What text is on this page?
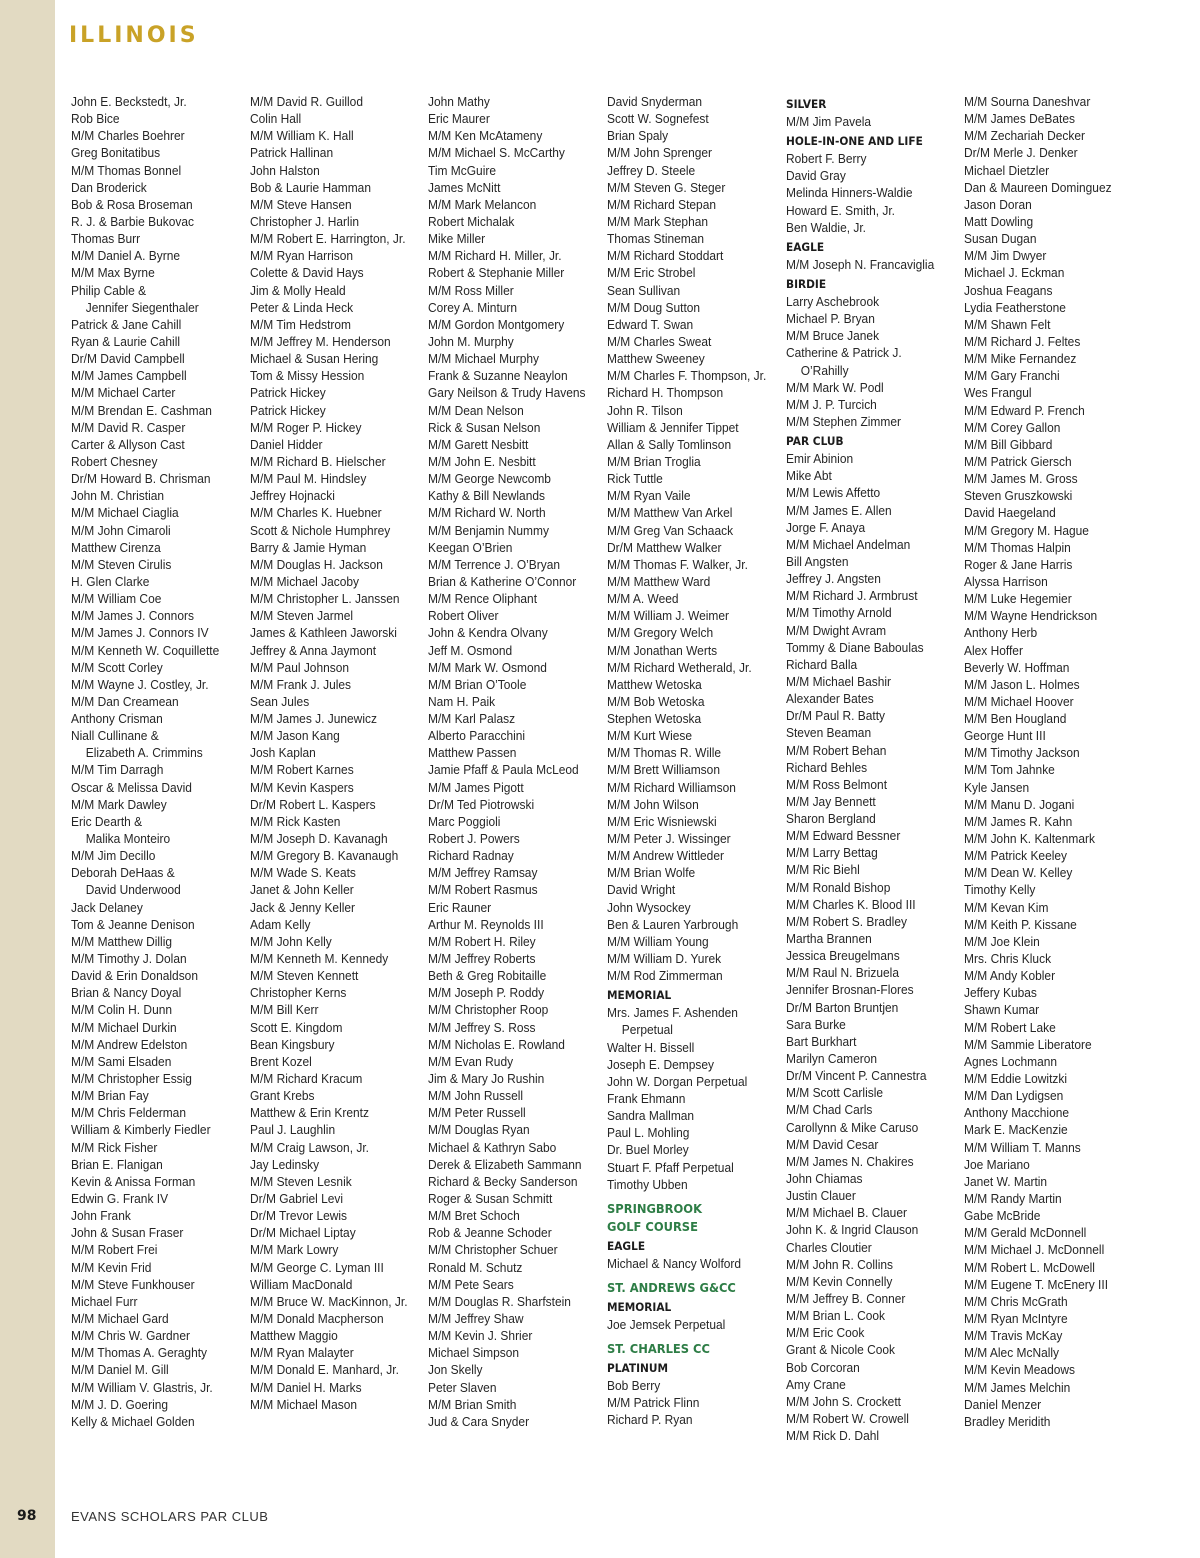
ILLINOIS
John E. Beckstedt, Jr.
Rob Bice
M/M Charles Boehrer
Greg Bonitatibus
M/M Thomas Bonnel
Dan Broderick
Bob & Rosa Broseman
R. J. & Barbie Bukovac
Thomas Burr
M/M Daniel A. Byrne
M/M Max Byrne
Philip Cable &
Jennifer Siegenthaler
Patrick & Jane Cahill
Ryan & Laurie Cahill
Dr/M David Campbell
M/M James Campbell
M/M Michael Carter
M/M Brendan E. Cashman
M/M David R. Casper
Carter & Allyson Cast
Robert Chesney
Dr/M Howard B. Chrisman
John M. Christian
M/M Michael Ciaglia
M/M John Cimaroli
Matthew Cirenza
M/M Steven Cirulis
H. Glen Clarke
M/M William Coe
M/M James J. Connors
M/M James J. Connors IV
M/M Kenneth W. Coquillette
M/M Scott Corley
M/M Wayne J. Costley, Jr.
M/M Dan Creamean
Anthony Crisman
Niall Cullinane &
Elizabeth A. Crimmins
M/M Tim Darragh
Oscar & Melissa David
M/M Mark Dawley
Eric Dearth &
Malika Monteiro
M/M Jim Decillo
Deborah DeHaas &
David Underwood
Jack Delaney
Tom & Jeanne Denison
M/M Matthew Dillig
M/M Timothy J. Dolan
David & Erin Donaldson
Brian & Nancy Doyal
M/M Colin H. Dunn
M/M Michael Durkin
M/M Andrew Edelston
M/M Sami Elsaden
M/M Christopher Essig
M/M Brian Fay
M/M Chris Felderman
William & Kimberly Fiedler
M/M Rick Fisher
Brian E. Flanigan
Kevin & Anissa Forman
Edwin G. Frank IV
John Frank
John & Susan Fraser
M/M Robert Frei
M/M Kevin Frid
M/M Steve Funkhouser
Michael Furr
M/M Michael Gard
M/M Chris W. Gardner
M/M Thomas A. Geraghty
M/M Daniel M. Gill
M/M William V. Glastris, Jr.
M/M J. D. Goering
Kelly & Michael Golden
M/M David R. Guillod
Colin Hall
M/M William K. Hall
Patrick Hallinan
John Halston
Bob & Laurie Hamman
M/M Steve Hansen
Christopher J. Harlin
M/M Robert E. Harrington, Jr.
M/M Ryan Harrison
Colette & David Hays
Jim & Molly Heald
Peter & Linda Heck
M/M Tim Hedstrom
M/M Jeffrey M. Henderson
Michael & Susan Hering
Tom & Missy Hession
Patrick Hickey
Patrick Hickey
M/M Roger P. Hickey
Daniel Hidder
M/M Richard B. Hielscher
M/M Paul M. Hindsley
Jeffrey Hojnacki
M/M Charles K. Huebner
Scott & Nichole Humphrey
Barry & Jamie Hyman
M/M Douglas H. Jackson
M/M Michael Jacoby
M/M Christopher L. Janssen
M/M Steven Jarmel
James & Kathleen Jaworski
Jeffrey & Anna Jaymont
M/M Paul Johnson
M/M Frank J. Jules
Sean Jules
M/M James J. Junewicz
M/M Jason Kang
Josh Kaplan
M/M Robert Karnes
M/M Kevin Kaspers
Dr/M Robert L. Kaspers
M/M Rick Kasten
M/M Joseph D. Kavanagh
M/M Gregory B. Kavanaugh
M/M Wade S. Keats
Janet & John Keller
Jack & Jenny Keller
Adam Kelly
M/M John Kelly
M/M Kenneth M. Kennedy
M/M Steven Kennett
Christopher Kerns
M/M Bill Kerr
Scott E. Kingdom
Bean Kingsbury
Brent Kozel
M/M Richard Kracum
Grant Krebs
Matthew & Erin Krentz
Paul J. Laughlin
M/M Craig Lawson, Jr.
Jay Ledinsky
M/M Steven Lesnik
Dr/M Gabriel Levi
Dr/M Trevor Lewis
Dr/M Michael Liptay
M/M Mark Lowry
M/M George C. Lyman III
William MacDonald
M/M Bruce W. MacKinnon, Jr.
M/M Donald Macpherson
Matthew Maggio
M/M Ryan Malayter
M/M Donald E. Manhard, Jr.
M/M Daniel H. Marks
M/M Michael Mason
John Mathy
Eric Maurer
M/M Ken McAtameny
M/M Michael S. McCarthy
Tim McGuire
James McNitt
M/M Mark Melancon
Robert Michalak
Mike Miller
M/M Richard H. Miller, Jr.
Robert & Stephanie Miller
M/M Ross Miller
Corey A. Minturn
M/M Gordon Montgomery
John M. Murphy
M/M Michael Murphy
Frank & Suzanne Neaylon
Gary Neilson & Trudy Havens
M/M Dean Nelson
Rick & Susan Nelson
M/M Garett Nesbitt
M/M John E. Nesbitt
M/M George Newcomb
Kathy & Bill Newlands
M/M Richard W. North
M/M Benjamin Nummy
Keegan O’Brien
M/M Terrence J. O’Bryan
Brian & Katherine O’Connor
M/M Rence Oliphant
Robert Oliver
John & Kendra Olvany
Jeff M. Osmond
M/M Mark W. Osmond
M/M Brian O’Toole
Nam H. Paik
M/M Karl Palasz
Alberto Paracchini
Matthew Passen
Jamie Pfaff & Paula McLeod
M/M James Pigott
Dr/M Ted Piotrowski
Marc Poggioli
Robert J. Powers
Richard Radnay
M/M Jeffrey Ramsay
M/M Robert Rasmus
Eric Rauner
Arthur M. Reynolds III
M/M Robert H. Riley
M/M Jeffrey Roberts
Beth & Greg Robitaille
M/M Joseph P. Roddy
M/M Christopher Roop
M/M Jeffrey S. Ross
M/M Nicholas E. Rowland
M/M Evan Rudy
Jim & Mary Jo Rushin
M/M John Russell
M/M Peter Russell
M/M Douglas Ryan
Michael & Kathryn Sabo
Derek & Elizabeth Sammann
Richard & Becky Sanderson
Roger & Susan Schmitt
M/M Bret Schoch
Rob & Jeanne Schoder
M/M Christopher Schuer
Ronald M. Schutz
M/M Pete Sears
M/M Douglas R. Sharfstein
M/M Jeffrey Shaw
M/M Kevin J. Shrier
Michael Simpson
Jon Skelly
Peter Slaven
M/M Brian Smith
Jud & Cara Snyder
David Snyderman
Scott W. Sognefest
Brian Spaly
M/M John Sprenger
Jeffrey D. Steele
M/M Steven G. Steger
M/M Richard Stepan
M/M Mark Stephan
Thomas Stineman
M/M Richard Stoddart
M/M Eric Strobel
Sean Sullivan
M/M Doug Sutton
Edward T. Swan
M/M Charles Sweat
Matthew Sweeney
M/M Charles F. Thompson, Jr.
Richard H. Thompson
John R. Tilson
William & Jennifer Tippet
Allan & Sally Tomlinson
M/M Brian Troglia
Rick Tuttle
M/M Ryan Vaile
M/M Matthew Van Arkel
M/M Greg Van Schaack
Dr/M Matthew Walker
M/M Thomas F. Walker, Jr.
M/M Matthew Ward
M/M A. Weed
M/M William J. Weimer
M/M Gregory Welch
M/M Jonathan Werts
M/M Richard Wetherald, Jr.
Matthew Wetoska
M/M Bob Wetoska
Stephen Wetoska
M/M Kurt Wiese
M/M Thomas R. Wille
M/M Brett Williamson
M/M Richard Williamson
M/M John Wilson
M/M Eric Wisniewski
M/M Peter J. Wissinger
M/M Andrew Wittleder
M/M Brian Wolfe
David Wright
John Wysockey
Ben & Lauren Yarbrough
M/M William Young
M/M William D. Yurek
M/M Rod Zimmerman
MEMORIAL
Mrs. James F. Ashenden
Perpetual
Walter H. Bissell
Joseph E. Dempsey
John W. Dorgan Perpetual
Frank Ehmann
Sandra Mallman
Paul L. Mohling
Dr. Buel Morley
Stuart F. Pfaff Perpetual
Timothy Ubben
SPRINGBROOK
GOLF COURSE
EAGLE
Michael & Nancy Wolford
ST. ANDREWS G&CC
MEMORIAL
Joe Jemsek Perpetual
ST. CHARLES CC
PLATINUM
Bob Berry
M/M Patrick Flinn
Richard P. Ryan
SILVER
M/M Jim Pavela
HOLE-IN-ONE AND LIFE
Robert F. Berry
David Gray
Melinda Hinners-Waldie
Howard E. Smith, Jr.
Ben Waldie, Jr.
EAGLE
M/M Joseph N. Francaviglia
BIRDIE
Larry Aschebrook
Michael P. Bryan
M/M Bruce Janek
Catherine & Patrick J.
O’Rahilly
M/M Mark W. Podl
M/M J. P. Turcich
M/M Stephen Zimmer
PAR CLUB
Emir Abinion
Mike Abt
M/M Lewis Affetto
M/M James E. Allen
Jorge F. Anaya
M/M Michael Andelman
Bill Angsten
Jeffrey J. Angsten
M/M Richard J. Armbrust
M/M Timothy Arnold
M/M Dwight Avram
Tommy & Diane Baboulas
Richard Balla
M/M Michael Bashir
Alexander Bates
Dr/M Paul R. Batty
Steven Beaman
M/M Robert Behan
Richard Behles
M/M Ross Belmont
M/M Jay Bennett
Sharon Bergland
M/M Edward Bessner
M/M Larry Bettag
M/M Ric Biehl
M/M Ronald Bishop
M/M Charles K. Blood III
M/M Robert S. Bradley
Martha Brannen
Jessica Breugelmans
M/M Raul N. Brizuela
Jennifer Brosnan-Flores
Dr/M Barton Bruntjen
Sara Burke
Bart Burkhart
Marilyn Cameron
Dr/M Vincent P. Cannestra
M/M Scott Carlisle
M/M Chad Carls
Carollynn & Mike Caruso
M/M David Cesar
M/M James N. Chakires
John Chiamas
Justin Clauer
M/M Michael B. Clauer
John K. & Ingrid Clauson
Charles Cloutier
M/M John R. Collins
M/M Kevin Connelly
M/M Jeffrey B. Conner
M/M Brian L. Cook
M/M Eric Cook
Grant & Nicole Cook
Bob Corcoran
Amy Crane
M/M John S. Crockett
M/M Robert W. Crowell
M/M Rick D. Dahl
M/M Sourna Daneshvar
M/M James DeBates
M/M Zechariah Decker
Dr/M Merle J. Denker
Michael Dietzler
Dan & Maureen Dominguez
Jason Doran
Matt Dowling
Susan Dugan
M/M Jim Dwyer
Michael J. Eckman
Joshua Feagans
Lydia Featherstone
M/M Shawn Felt
M/M Richard J. Feltes
M/M Mike Fernandez
M/M Gary Franchi
Wes Frangul
M/M Edward P. French
M/M Corey Gallon
M/M Bill Gibbard
M/M Patrick Giersch
M/M James M. Gross
Steven Gruszkowski
David Haegeland
M/M Gregory M. Hague
M/M Thomas Halpin
Roger & Jane Harris
Alyssa Harrison
M/M Luke Hegemier
M/M Wayne Hendrickson
Anthony Herb
Alex Hoffer
Beverly W. Hoffman
M/M Jason L. Holmes
M/M Michael Hoover
M/M Ben Hougland
George Hunt III
M/M Timothy Jackson
M/M Tom Jahnke
Kyle Jansen
M/M Manu D. Jogani
M/M James R. Kahn
M/M John K. Kaltenmark
M/M Patrick Keeley
M/M Dean W. Kelley
Timothy Kelly
M/M Kevan Kim
M/M Keith P. Kissane
M/M Joe Klein
Mrs. Chris Kluck
M/M Andy Kobler
Jeffery Kubas
Shawn Kumar
M/M Robert Lake
M/M Sammie Liberatore
Agnes Lochmann
M/M Eddie Lowitzki
M/M Dan Lydigsen
Anthony Macchione
Mark E. MacKenzie
M/M William T. Manns
Joe Mariano
Janet W. Martin
M/M Randy Martin
Gabe McBride
M/M Gerald McDonnell
M/M Michael J. McDonnell
M/M Robert L. McDowell
M/M Eugene T. McEnery III
M/M Chris McGrath
M/M Ryan McIntyre
M/M Travis McKay
M/M Alec McNally
M/M Kevin Meadows
M/M James Melchin
Daniel Menzer
Bradley Meridith
98	EVANS SCHOLARS PAR CLUB
